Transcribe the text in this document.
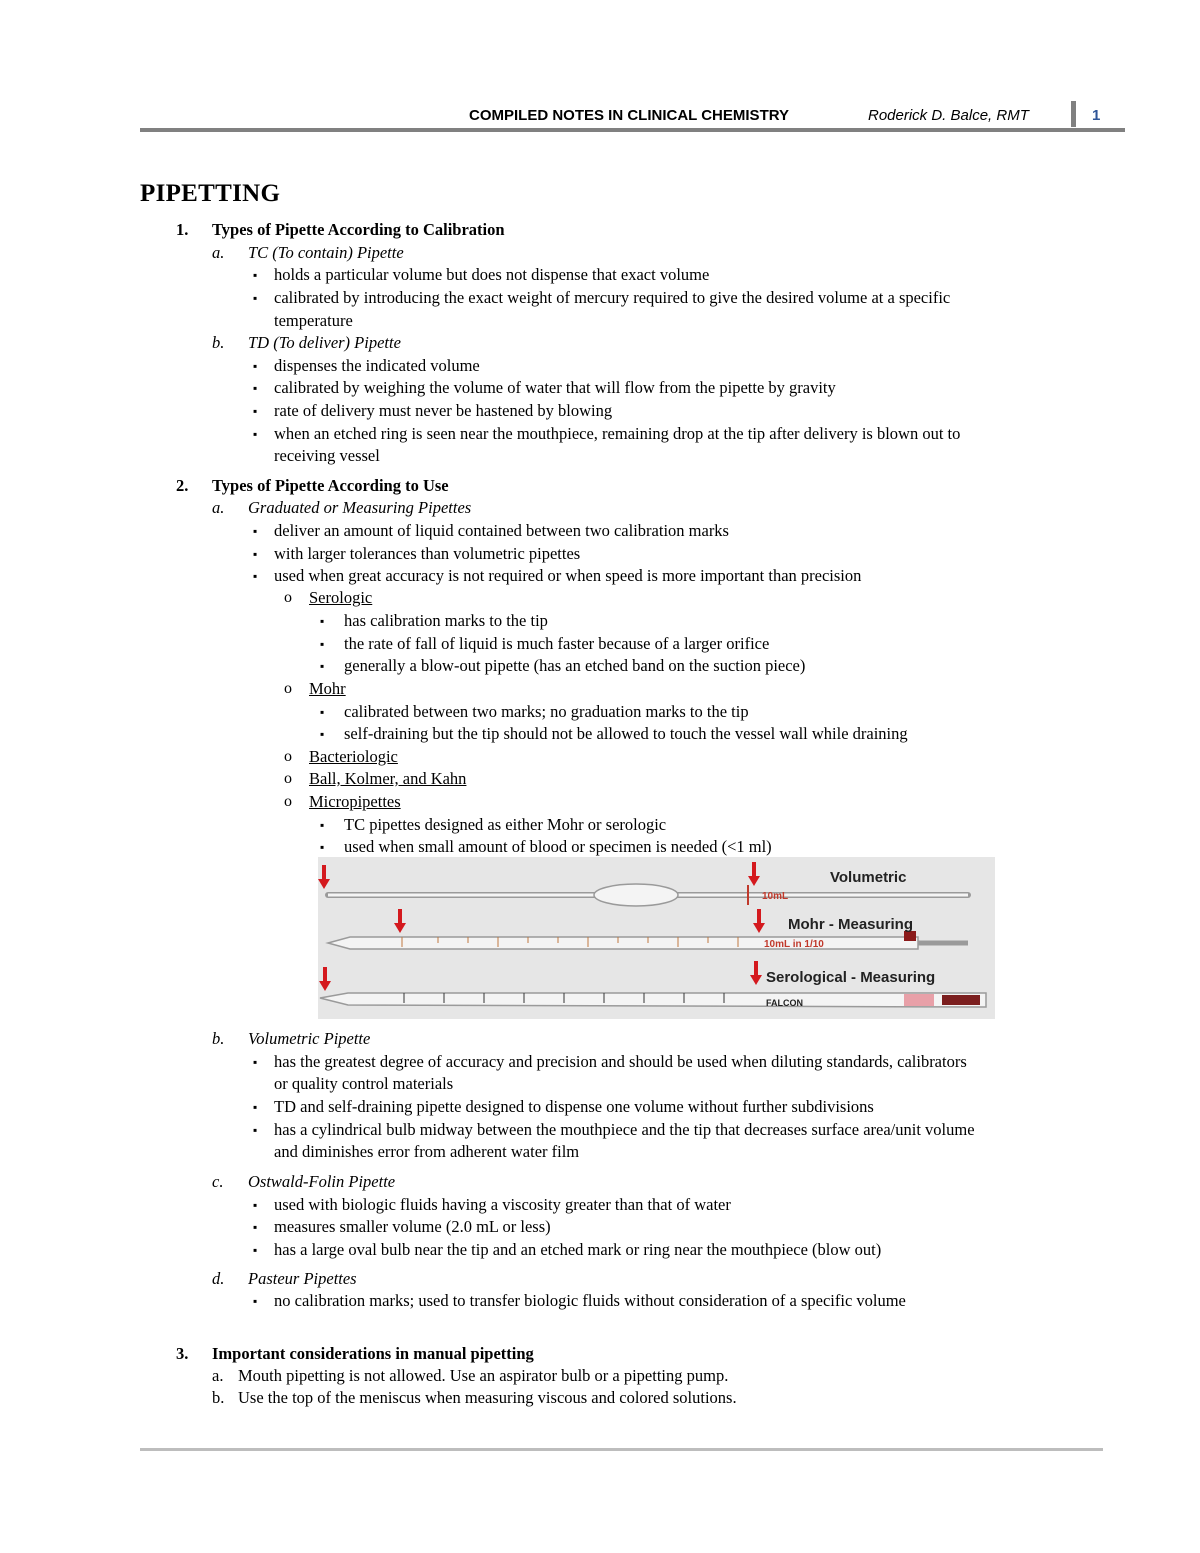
COMPILED NOTES IN CLINICAL CHEMISTRY	Roderick D. Balce, RMT	1
PIPETTING
1. Types of Pipette According to Calibration
a. TC (To contain) Pipette
▪ holds a particular volume but does not dispense that exact volume
▪ calibrated by introducing the exact weight of mercury required to give the desired volume at a specific
temperature
b. TD (To deliver) Pipette
▪ dispenses the indicated volume
▪ calibrated by weighing the volume of water that will flow from the pipette by gravity
▪ rate of delivery must never be hastened by blowing
▪ when an etched ring is seen near the mouthpiece, remaining drop at the tip after delivery is blown out to
receiving vessel
2. Types of Pipette According to Use
a. Graduated or Measuring Pipettes
▪ deliver an amount of liquid contained between two calibration marks
▪ with larger tolerances than volumetric pipettes
▪ used when great accuracy is not required or when speed is more important than precision
o Serologic
▪ has calibration marks to the tip
▪ the rate of fall of liquid is much faster because of a larger orifice
▪ generally a blow-out pipette (has an etched band on the suction piece)
o Mohr
▪ calibrated between two marks; no graduation marks to the tip
▪ self-draining but the tip should not be allowed to touch the vessel wall while draining
o Bacteriologic
o Ball, Kolmer, and Kahn
o Micropipettes
▪ TC pipettes designed as either Mohr or serologic
▪ used when small amount of blood or specimen is needed (<1 ml)
Volumetric
10mL
Mohr - Measuring
10mL in 1/10
Serological - Measuring
FALCON
b. Volumetric Pipette
▪ has the greatest degree of accuracy and precision and should be used when diluting standards, calibrators
or quality control materials
▪ TD and self-draining pipette designed to dispense one volume without further subdivisions
▪ has a cylindrical bulb midway between the mouthpiece and the tip that decreases surface area/unit volume
and diminishes error from adherent water film
c. Ostwald-Folin Pipette
▪ used with biologic fluids having a viscosity greater than that of water
▪ measures smaller volume (2.0 mL or less)
▪ has a large oval bulb near the tip and an etched mark or ring near the mouthpiece (blow out)
d. Pasteur Pipettes
▪ no calibration marks; used to transfer biologic fluids without consideration of a specific volume
3. Important considerations in manual pipetting
a. Mouth pipetting is not allowed. Use an aspirator bulb or a pipetting pump.
b. Use the top of the meniscus when measuring viscous and colored solutions.
